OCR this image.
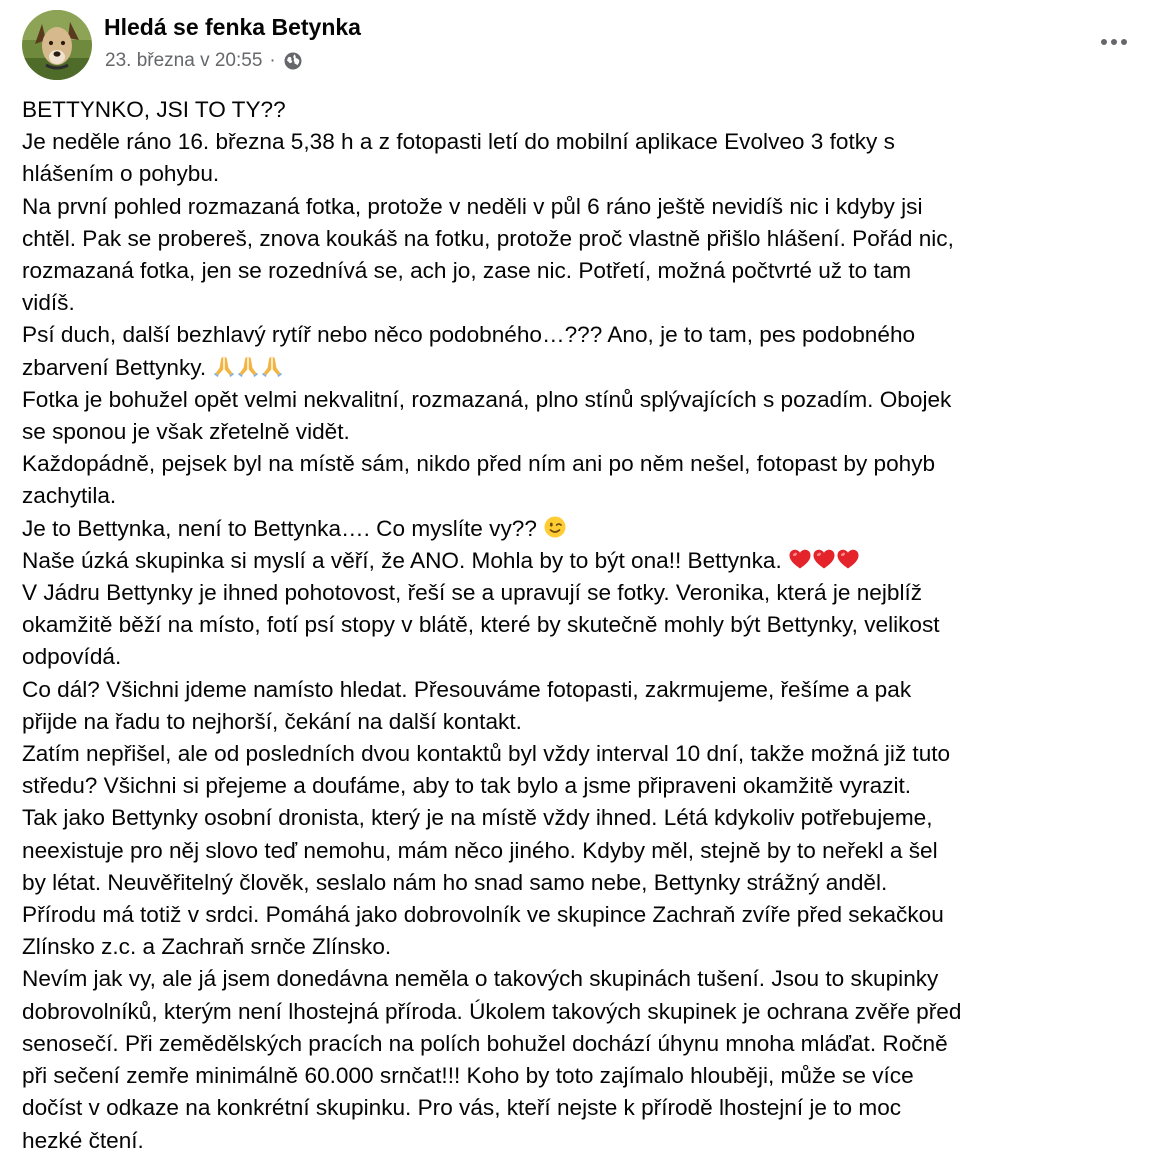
Hledá se fenka Betynka
23. března v 20:55 ·

BETTYNKO, JSI TO TY??

Je neděle ráno 16. března 5,38 h a z fotopasti letí do mobilní aplikace Evolveo 3 fotky s

hlášením o pohybu.

Na první pohled rozmazaná fotka, protože v neděli v půl 6 ráno ještě nevidíš nic i kdyby jsi

chtěl. Pak se probereš, znova koukáš na fotku, protože proč vlastně přišlo hlášení. Pořád nic,

rozmazaná fotka, jen se rozednívá se, ach jo, zase nic. Potřetí, možná počtvrté už to tam

vidíš.

Psí duch, další bezhlavý rytíř nebo něco podobného…??? Ano, je to tam, pes podobného

zbarvení Bettynky.

Fotka je bohužel opět velmi nekvalitní, rozmazaná, plno stínů splývajících s pozadím. Obojek

se sponou je však zřetelně vidět.

Každopádně, pejsek byl na místě sám, nikdo před ním ani po něm nešel, fotopast by pohyb

zachytila.

Je to Bettynka, není to Bettynka…. Co myslíte vy??

Naše úzká skupinka si myslí a věří, že ANO. Mohla by to být ona!! Bettynka.

V Jádru Bettynky je ihned pohotovost, řeší se a upravují se fotky. Veronika, která je nejblíž

okamžitě běží na místo, fotí psí stopy v blátě, které by skutečně mohly být Bettynky, velikost

odpovídá.

Co dál? Všichni jdeme namísto hledat. Přesouváme fotopasti, zakrmujeme, řešíme a pak

přijde na řadu to nejhorší, čekání na další kontakt.

Zatím nepřišel, ale od posledních dvou kontaktů byl vždy interval 10 dní, takže možná již tuto

středu? Všichni si přejeme a doufáme, aby to tak bylo a jsme připraveni okamžitě vyrazit.

Tak jako Bettynky osobní dronista, který je na místě vždy ihned. Létá kdykoliv potřebujeme,

neexistuje pro něj slovo teď nemohu, mám něco jiného. Kdyby měl, stejně by to neřekl a šel

by létat. Neuvěřitelný člověk, seslalo nám ho snad samo nebe, Bettynky strážný anděl.

Přírodu má totiž v srdci. Pomáhá jako dobrovolník ve skupince Zachraň zvíře před sekačkou

Zlínsko z.c. a Zachraň srnče Zlínsko.

Nevím jak vy, ale já jsem donedávna neměla o takových skupinách tušení. Jsou to skupinky

dobrovolníků, kterým není lhostejná příroda. Úkolem takových skupinek je ochrana zvěře před

senosečí. Při zemědělských pracích na polích bohužel dochází úhynu mnoha mláďat. Ročně

při sečení zemře minimálně 60.000 srnčat!!! Koho by toto zajímalo hlouběji, může se více

dočíst v odkaze na konkrétní skupinku. Pro vás, kteří nejste k přírodě lhostejní je to moc

hezké čtení.
